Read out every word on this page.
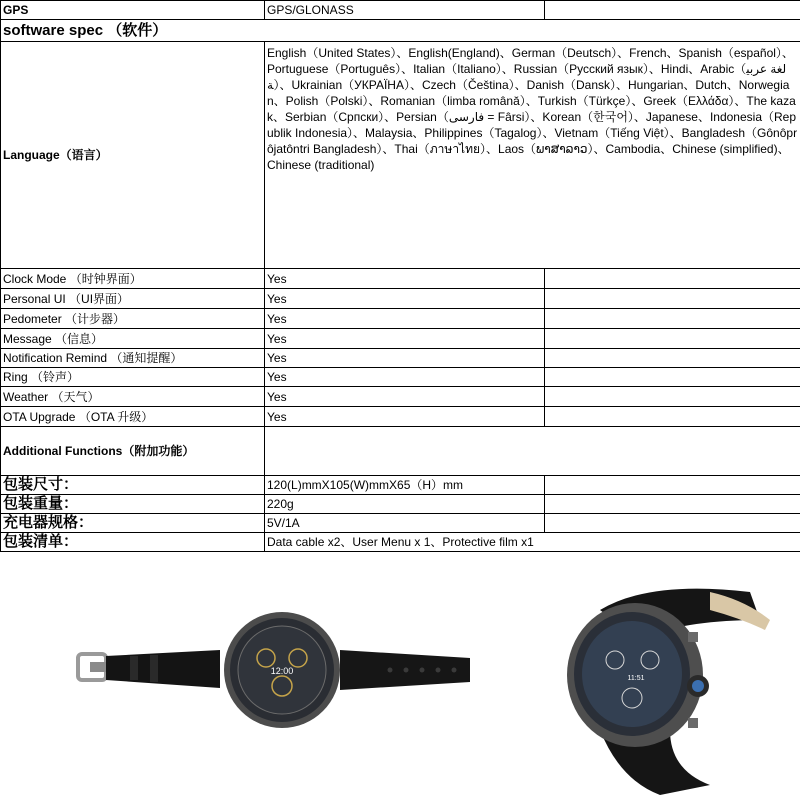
GPS	GPS/GLONASS	
software spec （软件）		
Language（语言）	English（United States）、English(England)、German（Deutsch）、French、Spanish（español）、Portuguese（Português）、Italian（Italiano）、Russian（Русский язык）、Hindi、Arabic（لغة عربية）、Ukrainian（УКРАЇНА）、Czech（Čeština）、Danish（Dansk）、Hungarian、Dutch、Norwegian、Polish（Polski）、Romanian（limba română）、Turkish（Türkçe）、Greek（Ελλάδα）、The kazak、Serbian（Српски）、Persian（فارسی = Fârsi）、Korean（한국어）、Japanese、Indonesia（Republik Indonesia）、Malaysia、Philippines（Tagalog）、Vietnam（Tiếng Việt）、Bangladesh（Gônôprôjatôntri Bangladesh）、Thai（ภาษาไทย）、Laos（ພາສາລາວ）、Cambodia、Chinese (simplified)、Chinese (traditional)	
Clock Mode （时钟界面）	Yes	
Personal UI （UI界面）	Yes	
Pedometer （计步器）	Yes	
Message （信息）	Yes	
Notification Remind （通知提醒）	Yes	
Ring （铃声）	Yes	
Weather （天气）	Yes	
OTA Upgrade （OTA 升级）	Yes	
Additional Functions（附加功能）		
包装尺寸：	120(L)mmX105(W)mmX65（H）mm	
包装重量：	220g	
充电器规格：	5V/1A	
包装清单：	Data cable x2、User Menu x 1、Protective film x1	
12:00
11:51
